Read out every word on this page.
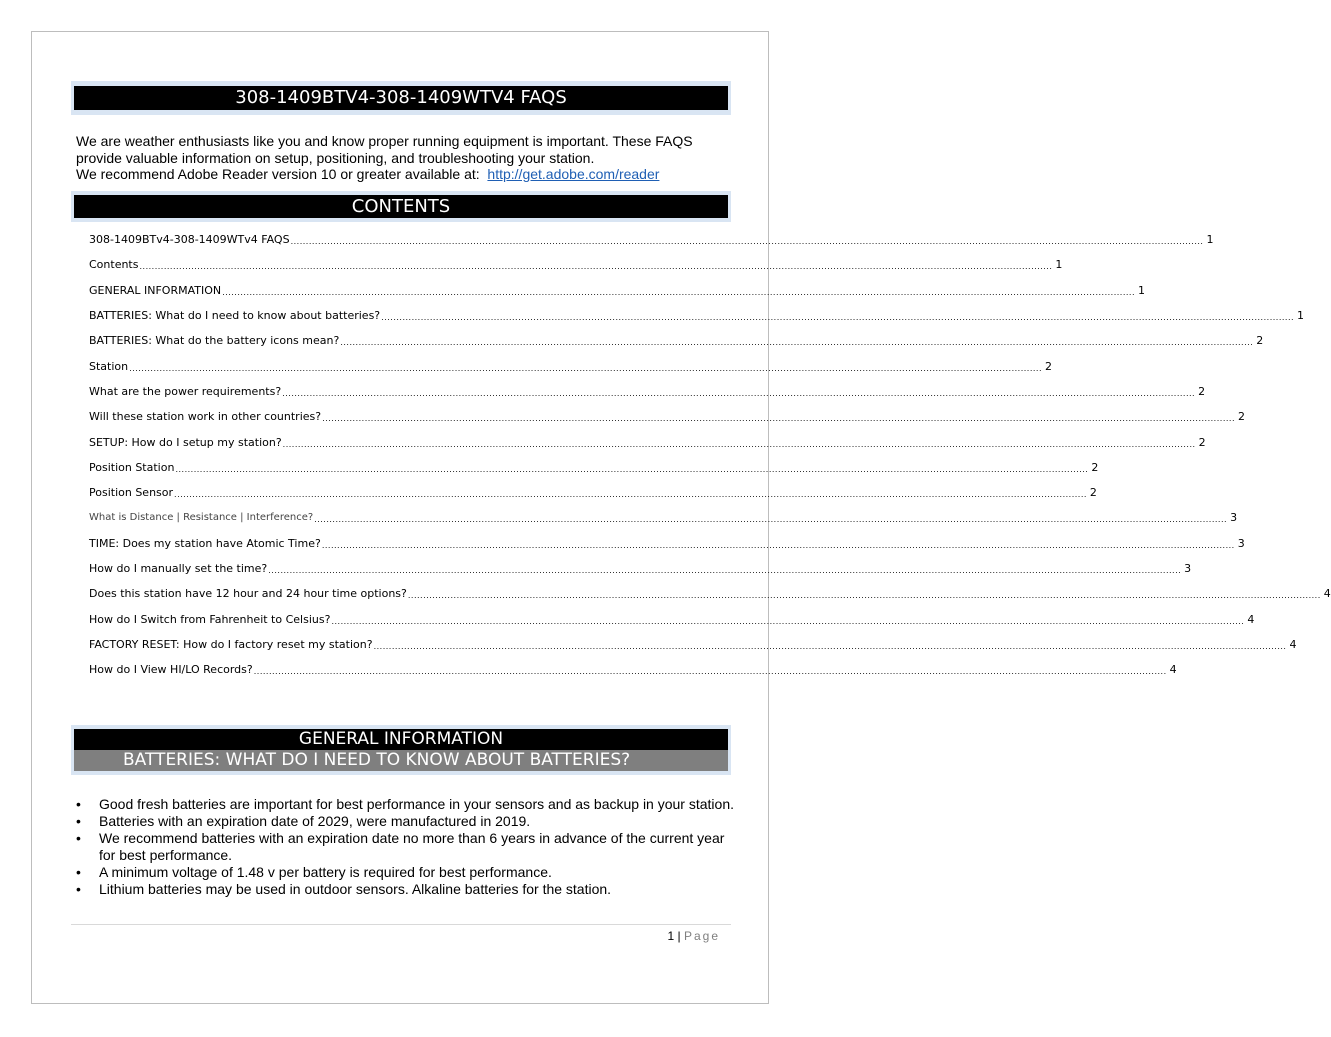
308-1409BTV4-308-1409WTV4 FAQS
We are weather enthusiasts like you and know proper running equipment is important. These FAQS
provide valuable information on setup, positioning, and troubleshooting your station.
We recommend Adobe Reader version 10 or greater available at: http://get.adobe.com/reader
CONTENTS
308-1409BTv4-308-1409WTv4 FAQS ............................................................................................................................................................................................................................................................................................................ 1
Contents ............................................................................................................................................................................................................................................................................................................ 1
GENERAL INFORMATION ............................................................................................................................................................................................................................................................................................................ 1
BATTERIES: What do I need to know about batteries? ............................................................................................................................................................................................................................................................................................................ 1
BATTERIES: What do the battery icons mean? ............................................................................................................................................................................................................................................................................................................ 2
Station ............................................................................................................................................................................................................................................................................................................ 2
What are the power requirements? ............................................................................................................................................................................................................................................................................................................ 2
Will these station work in other countries? ............................................................................................................................................................................................................................................................................................................ 2
SETUP: How do I setup my station? ............................................................................................................................................................................................................................................................................................................ 2
Position Station ............................................................................................................................................................................................................................................................................................................ 2
Position Sensor ............................................................................................................................................................................................................................................................................................................ 2
What is Distance | Resistance | Interference? ............................................................................................................................................................................................................................................................................................................ 3
TIME: Does my station have Atomic Time? ............................................................................................................................................................................................................................................................................................................ 3
How do I manually set the time? ............................................................................................................................................................................................................................................................................................................ 3
Does this station have 12 hour and 24 hour time options? ............................................................................................................................................................................................................................................................................................................ 4
How do I Switch from Fahrenheit to Celsius? ............................................................................................................................................................................................................................................................................................................ 4
FACTORY RESET: How do I factory reset my station? ............................................................................................................................................................................................................................................................................................................ 4
How do I View HI/LO Records? ............................................................................................................................................................................................................................................................................................................ 4
GENERAL INFORMATION
BATTERIES: WHAT DO I NEED TO KNOW ABOUT BATTERIES?
• Good fresh batteries are important for best performance in your sensors and as backup in your station.
• Batteries with an expiration date of 2029, were manufactured in 2019.
• We recommend batteries with an expiration date no more than 6 years in advance of the current year for best performance.
• A minimum voltage of 1.48 v per battery is required for best performance.
• Lithium batteries may be used in outdoor sensors. Alkaline batteries for the station.
1 | Page
